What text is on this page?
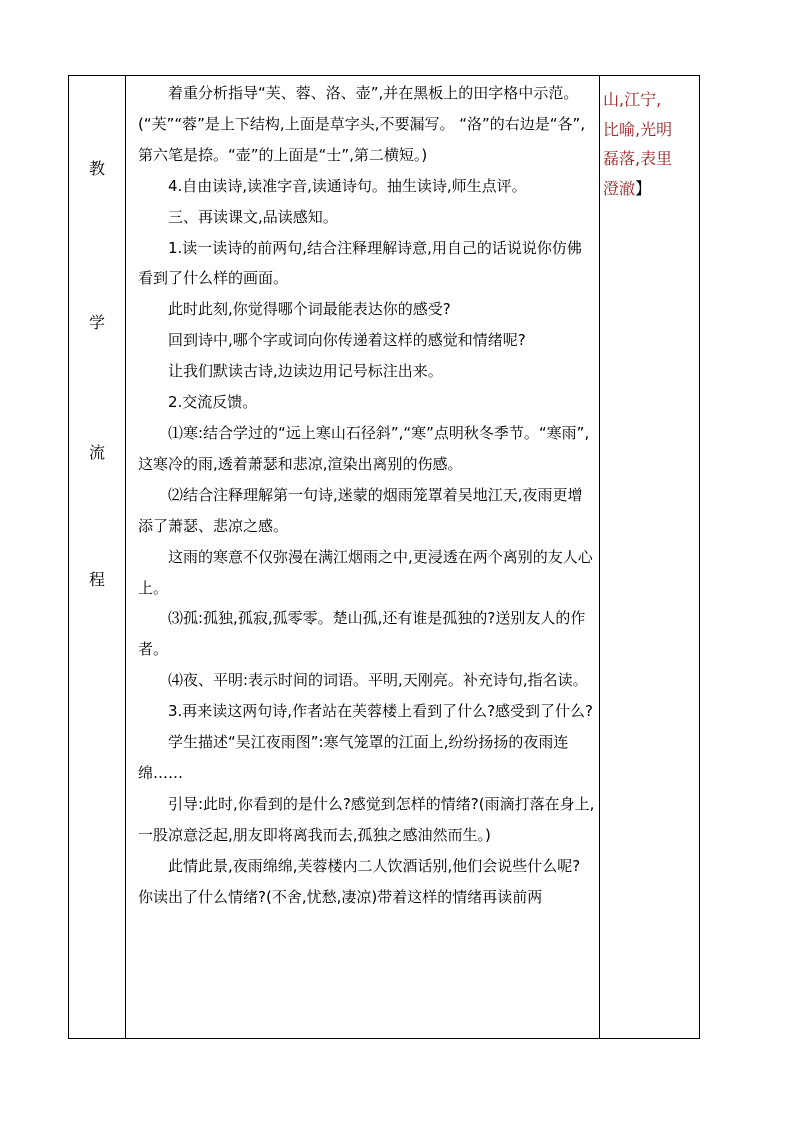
教
学
流
程

着重分析指导“芙、蓉、洛、壶”,并在黑板上的田字格中示范。(“芙”“蓉”是上下结构,上面是草字头,不要漏写。 “洛”的右边是“各”,第六笔是捺。“壶”的上面是“士”,第二横短。)

4.自由读诗,读准字音,读通诗句。抽生读诗,师生点评。

三、再读课文,品读感知。

1.读一读诗的前两句,结合注释理解诗意,用自己的话说说你仿佛看到了什么样的画面。

此时此刻,你觉得哪个词最能表达你的感受?

回到诗中,哪个字或词向你传递着这样的感觉和情绪呢?

让我们默读古诗,边读边用记号标注出来。

2.交流反馈。

⑴寒:结合学过的“远上寒山石径斜”,“寒”点明秋冬季节。“寒雨”,这寒冷的雨,透着萧瑟和悲凉,渲染出离别的伤感。

⑵结合注释理解第一句诗,迷蒙的烟雨笼罩着吴地江天,夜雨更增添了萧瑟、悲凉之感。

这雨的寒意不仅弥漫在满江烟雨之中,更浸透在两个离别的友人心上。

⑶孤:孤独,孤寂,孤零零。楚山孤,还有谁是孤独的?送别友人的作者。

⑷夜、平明:表示时间的词语。平明,天刚亮。补充诗句,指名读。

3.再来读这两句诗,作者站在芙蓉楼上看到了什么?感受到了什么?

学生描述“吴江夜雨图”:寒气笼罩的江面上,纷纷扬扬的夜雨连绵……

引导:此时,你看到的是什么?感觉到怎样的情绪?(雨滴打落在身上,一股凉意泛起,朋友即将离我而去,孤独之感油然而生。)

此情此景,夜雨绵绵,芙蓉楼内二人饮酒话别,他们会说些什么呢?你读出了什么情绪?(不舍,忧愁,凄凉)带着这样的情绪再读前两

山,江宁,

比喻,光明

磊落,表里

澄澈】
